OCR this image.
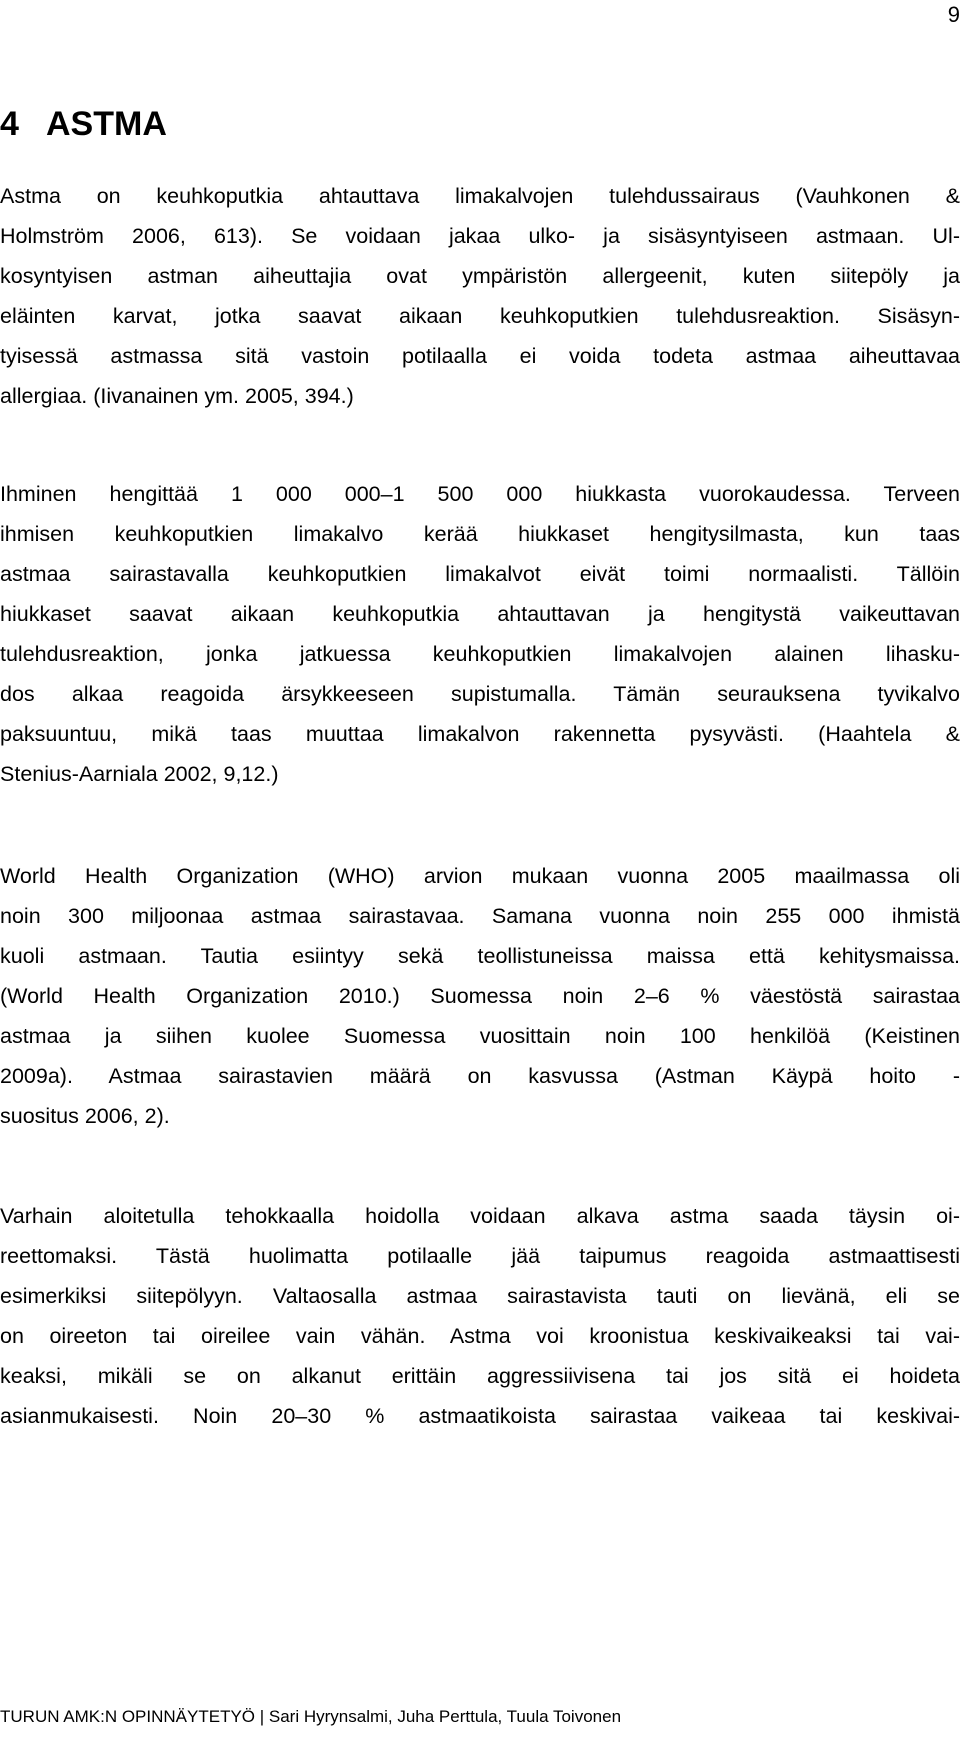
9
4 ASTMA

Astma on keuhkoputkia ahtauttava limakalvojen tulehdussairaus (Vauhkonen &
Holmström 2006, 613). Se voidaan jakaa ulko- ja sisäsyntyiseen astmaan. Ul-
kosyntyisen astman aiheuttajia ovat ympäristön allergeenit, kuten siitepöly ja
eläinten karvat, jotka saavat aikaan keuhkoputkien tulehdusreaktion. Sisäsyn-
tyisessä astmassa sitä vastoin potilaalla ei voida todeta astmaa aiheuttavaa
allergiaa. (Iivanainen ym. 2005, 394.)

Ihminen hengittää 1 000 000–1 500 000 hiukkasta vuorokaudessa. Terveen
ihmisen keuhkoputkien limakalvo kerää hiukkaset hengitysilmasta, kun taas
astmaa sairastavalla keuhkoputkien limakalvot eivät toimi normaalisti. Tällöin
hiukkaset saavat aikaan keuhkoputkia ahtauttavan ja hengitystä vaikeuttavan
tulehdusreaktion, jonka jatkuessa keuhkoputkien limakalvojen alainen lihasku-
dos alkaa reagoida ärsykkeeseen supistumalla. Tämän seurauksena tyvikalvo
paksuuntuu, mikä taas muuttaa limakalvon rakennetta pysyvästi. (Haahtela &
Stenius-Aarniala 2002, 9,12.)

World Health Organization (WHO) arvion mukaan vuonna 2005 maailmassa oli
noin 300 miljoonaa astmaa sairastavaa. Samana vuonna noin 255 000 ihmistä
kuoli astmaan. Tautia esiintyy sekä teollistuneissa maissa että kehitysmaissa.
(World Health Organization 2010.) Suomessa noin 2–6 % väestöstä sairastaa
astmaa ja siihen kuolee Suomessa vuosittain noin 100 henkilöä (Keistinen
2009a). Astmaa sairastavien määrä on kasvussa (Astman Käypä hoito -
suositus 2006, 2).

Varhain aloitetulla tehokkaalla hoidolla voidaan alkava astma saada täysin oi-
reettomaksi. Tästä huolimatta potilaalle jää taipumus reagoida astmaattisesti
esimerkiksi siitepölyyn. Valtaosalla astmaa sairastavista tauti on lievänä, eli se
on oireeton tai oireilee vain vähän. Astma voi kroonistua keskivaikeaksi tai vai-
keaksi, mikäli se on alkanut erittäin aggressiivisena tai jos sitä ei hoideta
asianmukaisesti. Noin 20–30 % astmaatikoista sairastaa vaikeaa tai keskivai-

TURUN AMK:N OPINNÄYTETYÖ | Sari Hyrynsalmi, Juha Perttula, Tuula Toivonen
